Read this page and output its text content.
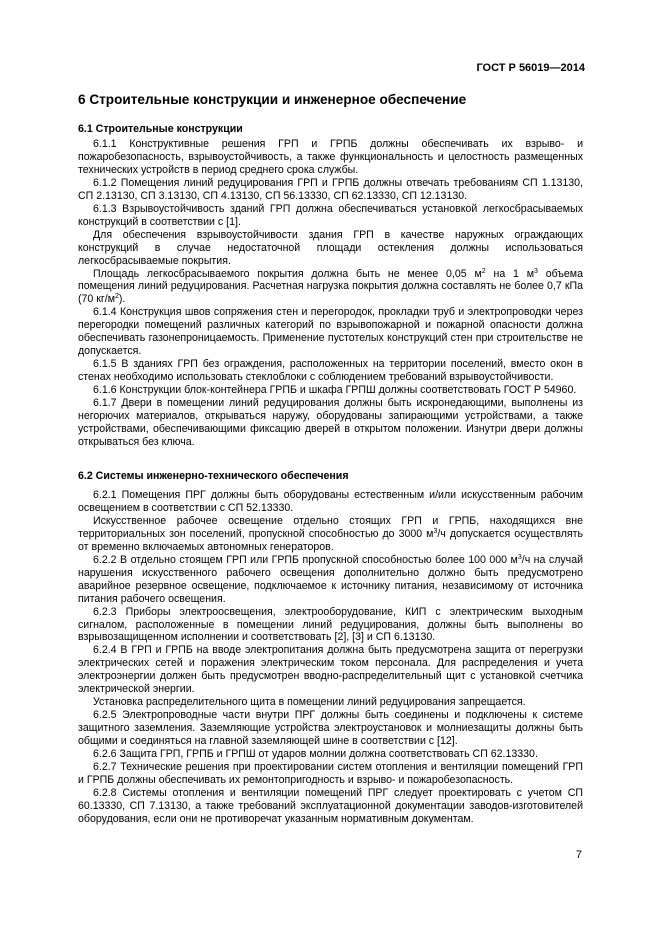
ГОСТ Р 56019—2014
6 Строительные конструкции и инженерное обеспечение
6.1 Строительные конструкции

6.1.1 Конструктивные решения ГРП и ГРПБ должны обеспечивать их взрыво- и пожаробезопасность, взрывоустойчивость, а также функциональность и целостность размещенных технических устройств в период среднего срока службы.

6.1.2 Помещения линий редуцирования ГРП и ГРПБ должны отвечать требованиям СП 1.13130, СП 2.13130, СП 3.13130, СП 4.13130, СП 56.13330, СП 62.13330, СП 12.13130.

6.1.3 Взрывоустойчивость зданий ГРП должна обеспечиваться установкой легкосбрасываемых конструкций в соответствии с [1].

Для обеспечения взрывоустойчивости здания ГРП в качестве наружных ограждающих конструкций в случае недостаточной площади остекления должны использоваться легкосбрасываемые покрытия.

Площадь легкосбрасываемого покрытия должна быть не менее 0,05 $м^2$ на 1 $м^3$ объема помещения линий редуцирования. Расчетная нагрузка покрытия должна составлять не более 0,7 кПа (70 $кг/м^2$).

6.1.4 Конструкция швов сопряжения стен и перегородок, прокладки труб и электропроводки через перегородки помещений различных категорий по взрывопожарной и пожарной опасности должна обеспечивать газонепроницаемость. Применение пустотелых конструкций стен при строительстве не допускается.

6.1.5 В зданиях ГРП без ограждения, расположенных на территории поселений, вместо окон в стенах необходимо использовать стеклоблоки с соблюдением требований взрывоустойчивости.

6.1.6 Конструкции блок-контейнера ГРПБ и шкафа ГРПШ должны соответствовать ГОСТ Р 54960.

6.1.7 Двери в помещении линий редуцирования должны быть искронедающими, выполнены из негорючих материалов, открываться наружу, оборудованы запирающими устройствами, а также устройствами, обеспечивающими фиксацию дверей в открытом положении. Изнутри двери должны открываться без ключа.

6.2 Системы инженерно-технического обеспечения

6.2.1 Помещения ПРГ должны быть оборудованы естественным и/или искусственным рабочим освещением в соответствии с СП 52.13330.

Искусственное рабочее освещение отдельно стоящих ГРП и ГРПБ, находящихся вне территориальных зон поселений, пропускной способностью до 3000 $м^3/ч$ допускается осуществлять от временно включаемых автономных генераторов.

6.2.2 В отдельно стоящем ГРП или ГРПБ пропускной способностью более 100 000 $м^3/ч$ на случай нарушения искусственного рабочего освещения дополнительно должно быть предусмотрено аварийное резервное освещение, подключаемое к источнику питания, независимому от источника питания рабочего освещения.

6.2.3 Приборы электроосвещения, электрооборудование, КИП с электрическим выходным сигналом, расположенные в помещении линий редуцирования, должны быть выполнены во взрывозащищенном исполнении и соответствовать [2], [3] и СП 6.13130.

6.2.4 В ГРП и ГРПБ на вводе электропитания должна быть предусмотрена защита от перегрузки электрических сетей и поражения электрическим током персонала. Для распределения и учета электроэнергии должен быть предусмотрен вводно-распределительный щит с установкой счетчика электрической энергии.

Установка распределительного щита в помещении линий редуцирования запрещается.

6.2.5 Электропроводные части внутри ПРГ должны быть соединены и подключены к системе защитного заземления. Заземляющие устройства электроустановок и молниезащиты должны быть общими и соединяться на главной заземляющей шине в соответствии с [12].

6.2.6 Защита ГРП, ГРПБ и ГРПШ от ударов молнии должна соответствовать СП 62.13330.

6.2.7 Технические решения при проектировании систем отопления и вентиляции помещений ГРП и ГРПБ должны обеспечивать их ремонтопригодность и взрыво- и пожаробезопасность.

6.2.8 Системы отопления и вентиляции помещений ПРГ следует проектировать с учетом СП 60.13330, СП 7.13130, а также требований эксплуатационной документации заводов-изготовителей оборудования, если они не противоречат указанным нормативным документам.

7
